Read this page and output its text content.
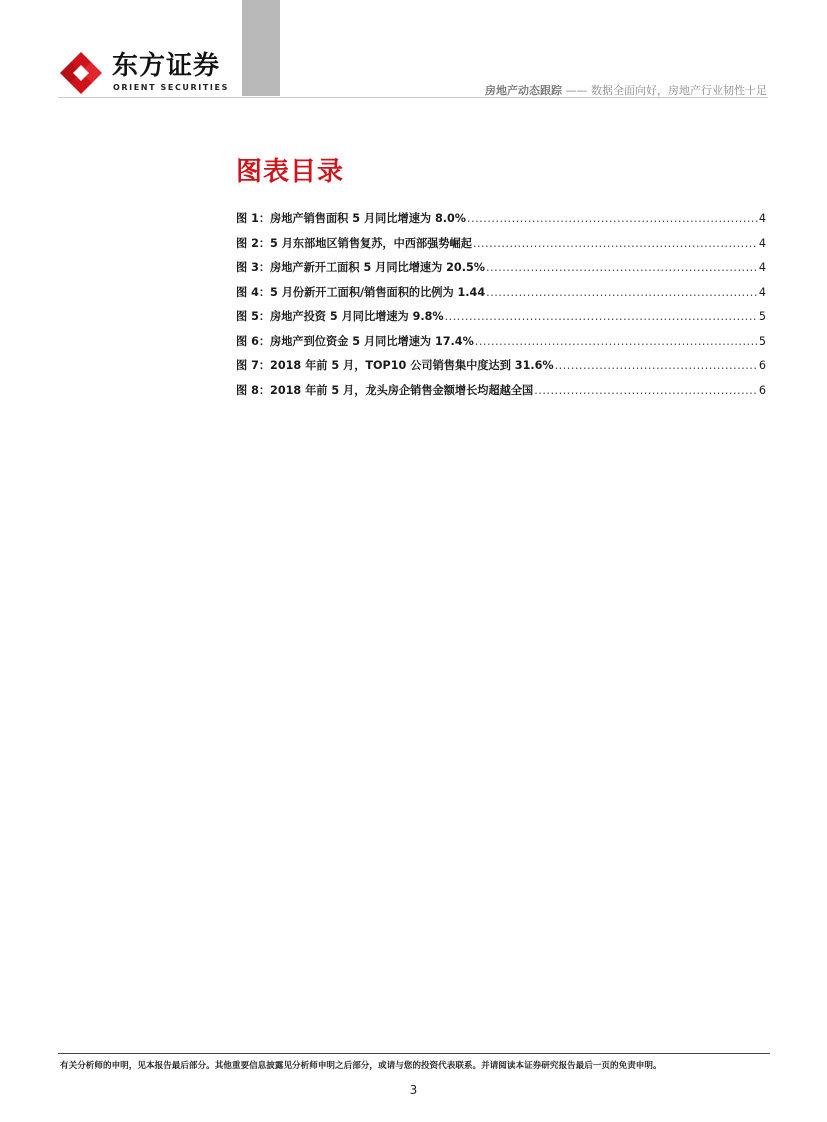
东方证券
ORIENT SECURITIES	房地产动态跟踪 —— 数据全面向好，房地产行业韧性十足
图表目录
图 1：房地产销售面积 5 月同比增速为 8.0% .....	4
图 2：5 月东部地区销售复苏，中西部强势崛起 .....	4
图 3：房地产新开工面积 5 月同比增速为 20.5% .....	4
图 4：5 月份新开工面积/销售面积的比例为 1.44 .....	4
图 5：房地产投资 5 月同比增速为 9.8% .....	5
图 6：房地产到位资金 5 月同比增速为 17.4% .....	5
图 7：2018 年前 5 月，TOP10 公司销售集中度达到 31.6% .....	6
图 8：2018 年前 5 月，龙头房企销售金额增长均超越全国 .....	6
有关分析师的申明，见本报告最后部分。其他重要信息披露见分析师申明之后部分，或请与您的投资代表联系。并请阅读本证券研究报告最后一页的免责申明。
3
